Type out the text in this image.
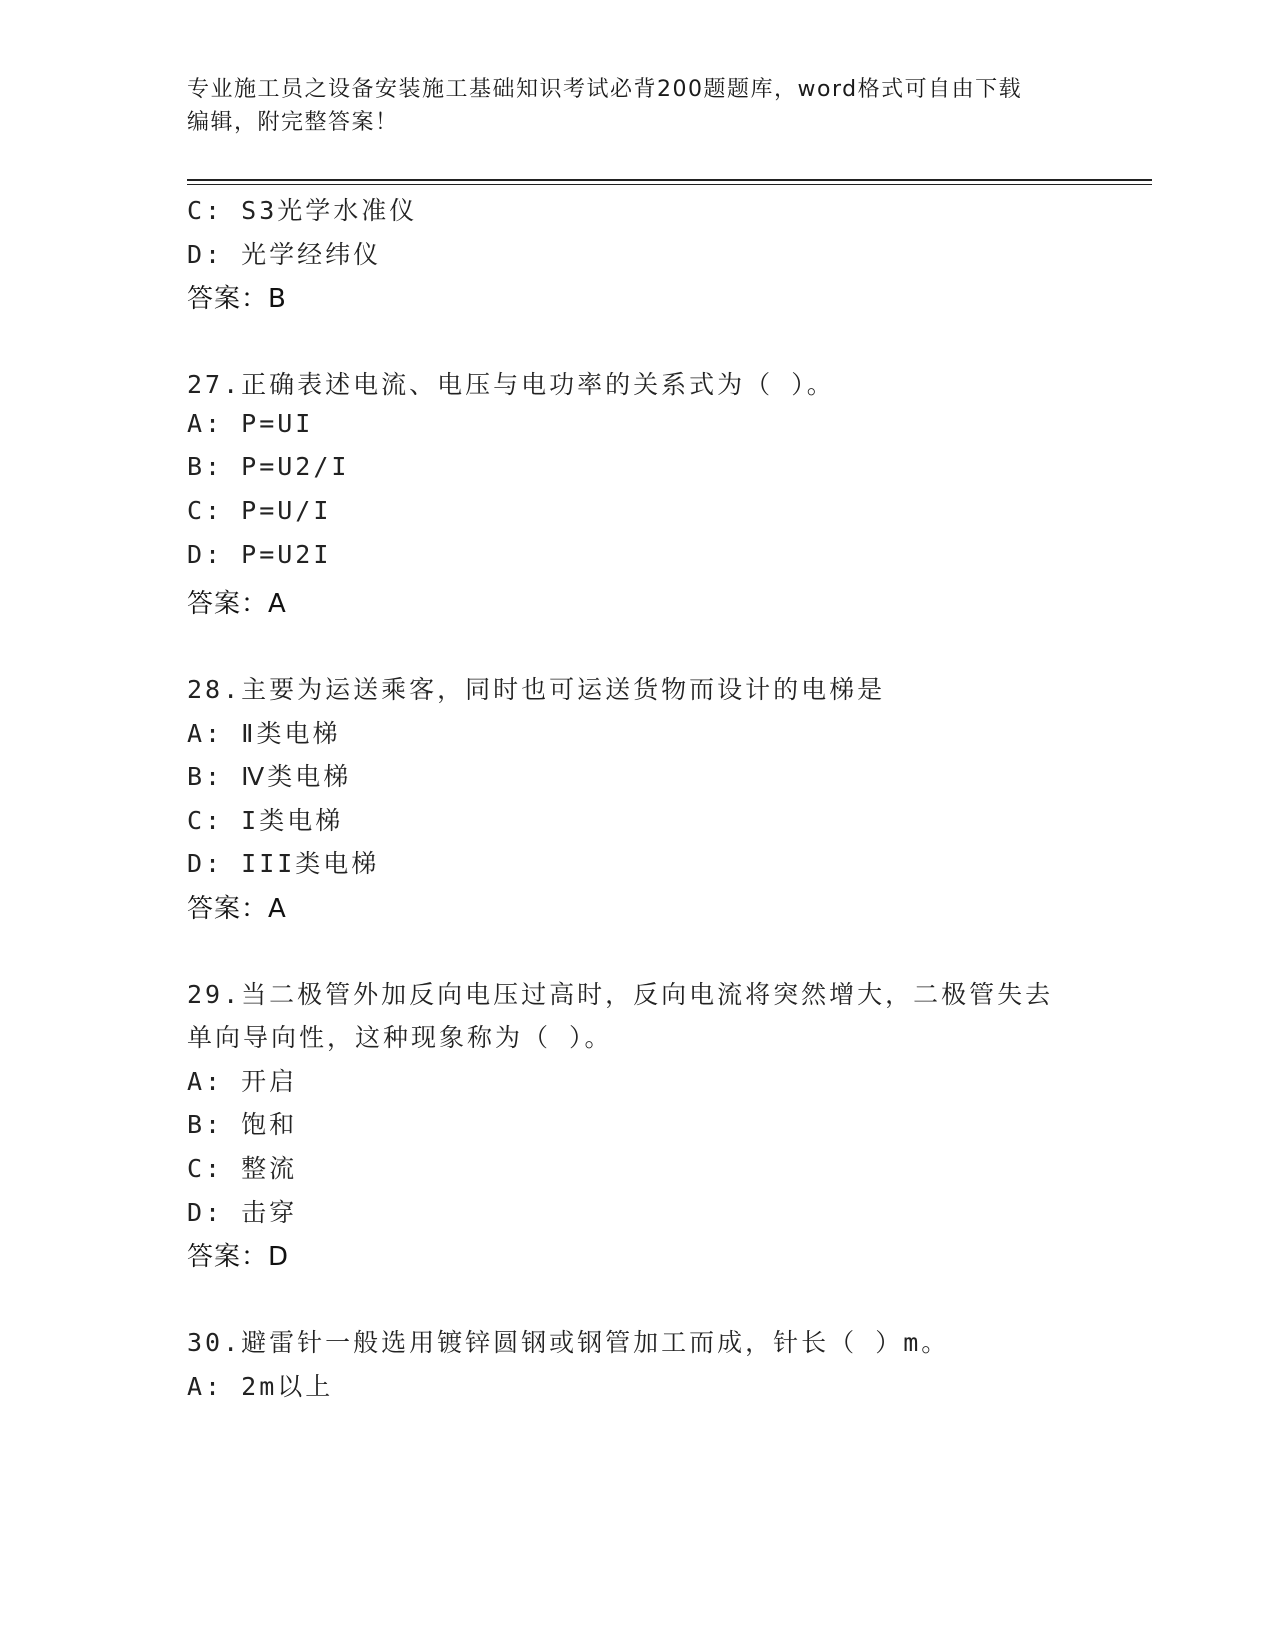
专业施工员之设备安装施工基础知识考试必背200题题库，word格式可自由下载
编辑，附完整答案！
C: S3光学水准仪
D: 光学经纬仪
答案：B
27.正确表述电流、电压与电功率的关系式为（ ）。
A: P=UI
B: P=U2/I
C: P=U/I
D: P=U2I
答案：A
28.主要为运送乘客，同时也可运送货物而设计的电梯是
A: Ⅱ类电梯
B: Ⅳ类电梯
C: I类电梯
D: III类电梯
答案：A
29.当二极管外加反向电压过高时，反向电流将突然增大，二极管失去
单向导向性，这种现象称为（ ）。
A: 开启
B: 饱和
C: 整流
D: 击穿
答案：D
30.避雷针一般选用镀锌圆钢或钢管加工而成，针长（ ）m。
A: 2m以上
